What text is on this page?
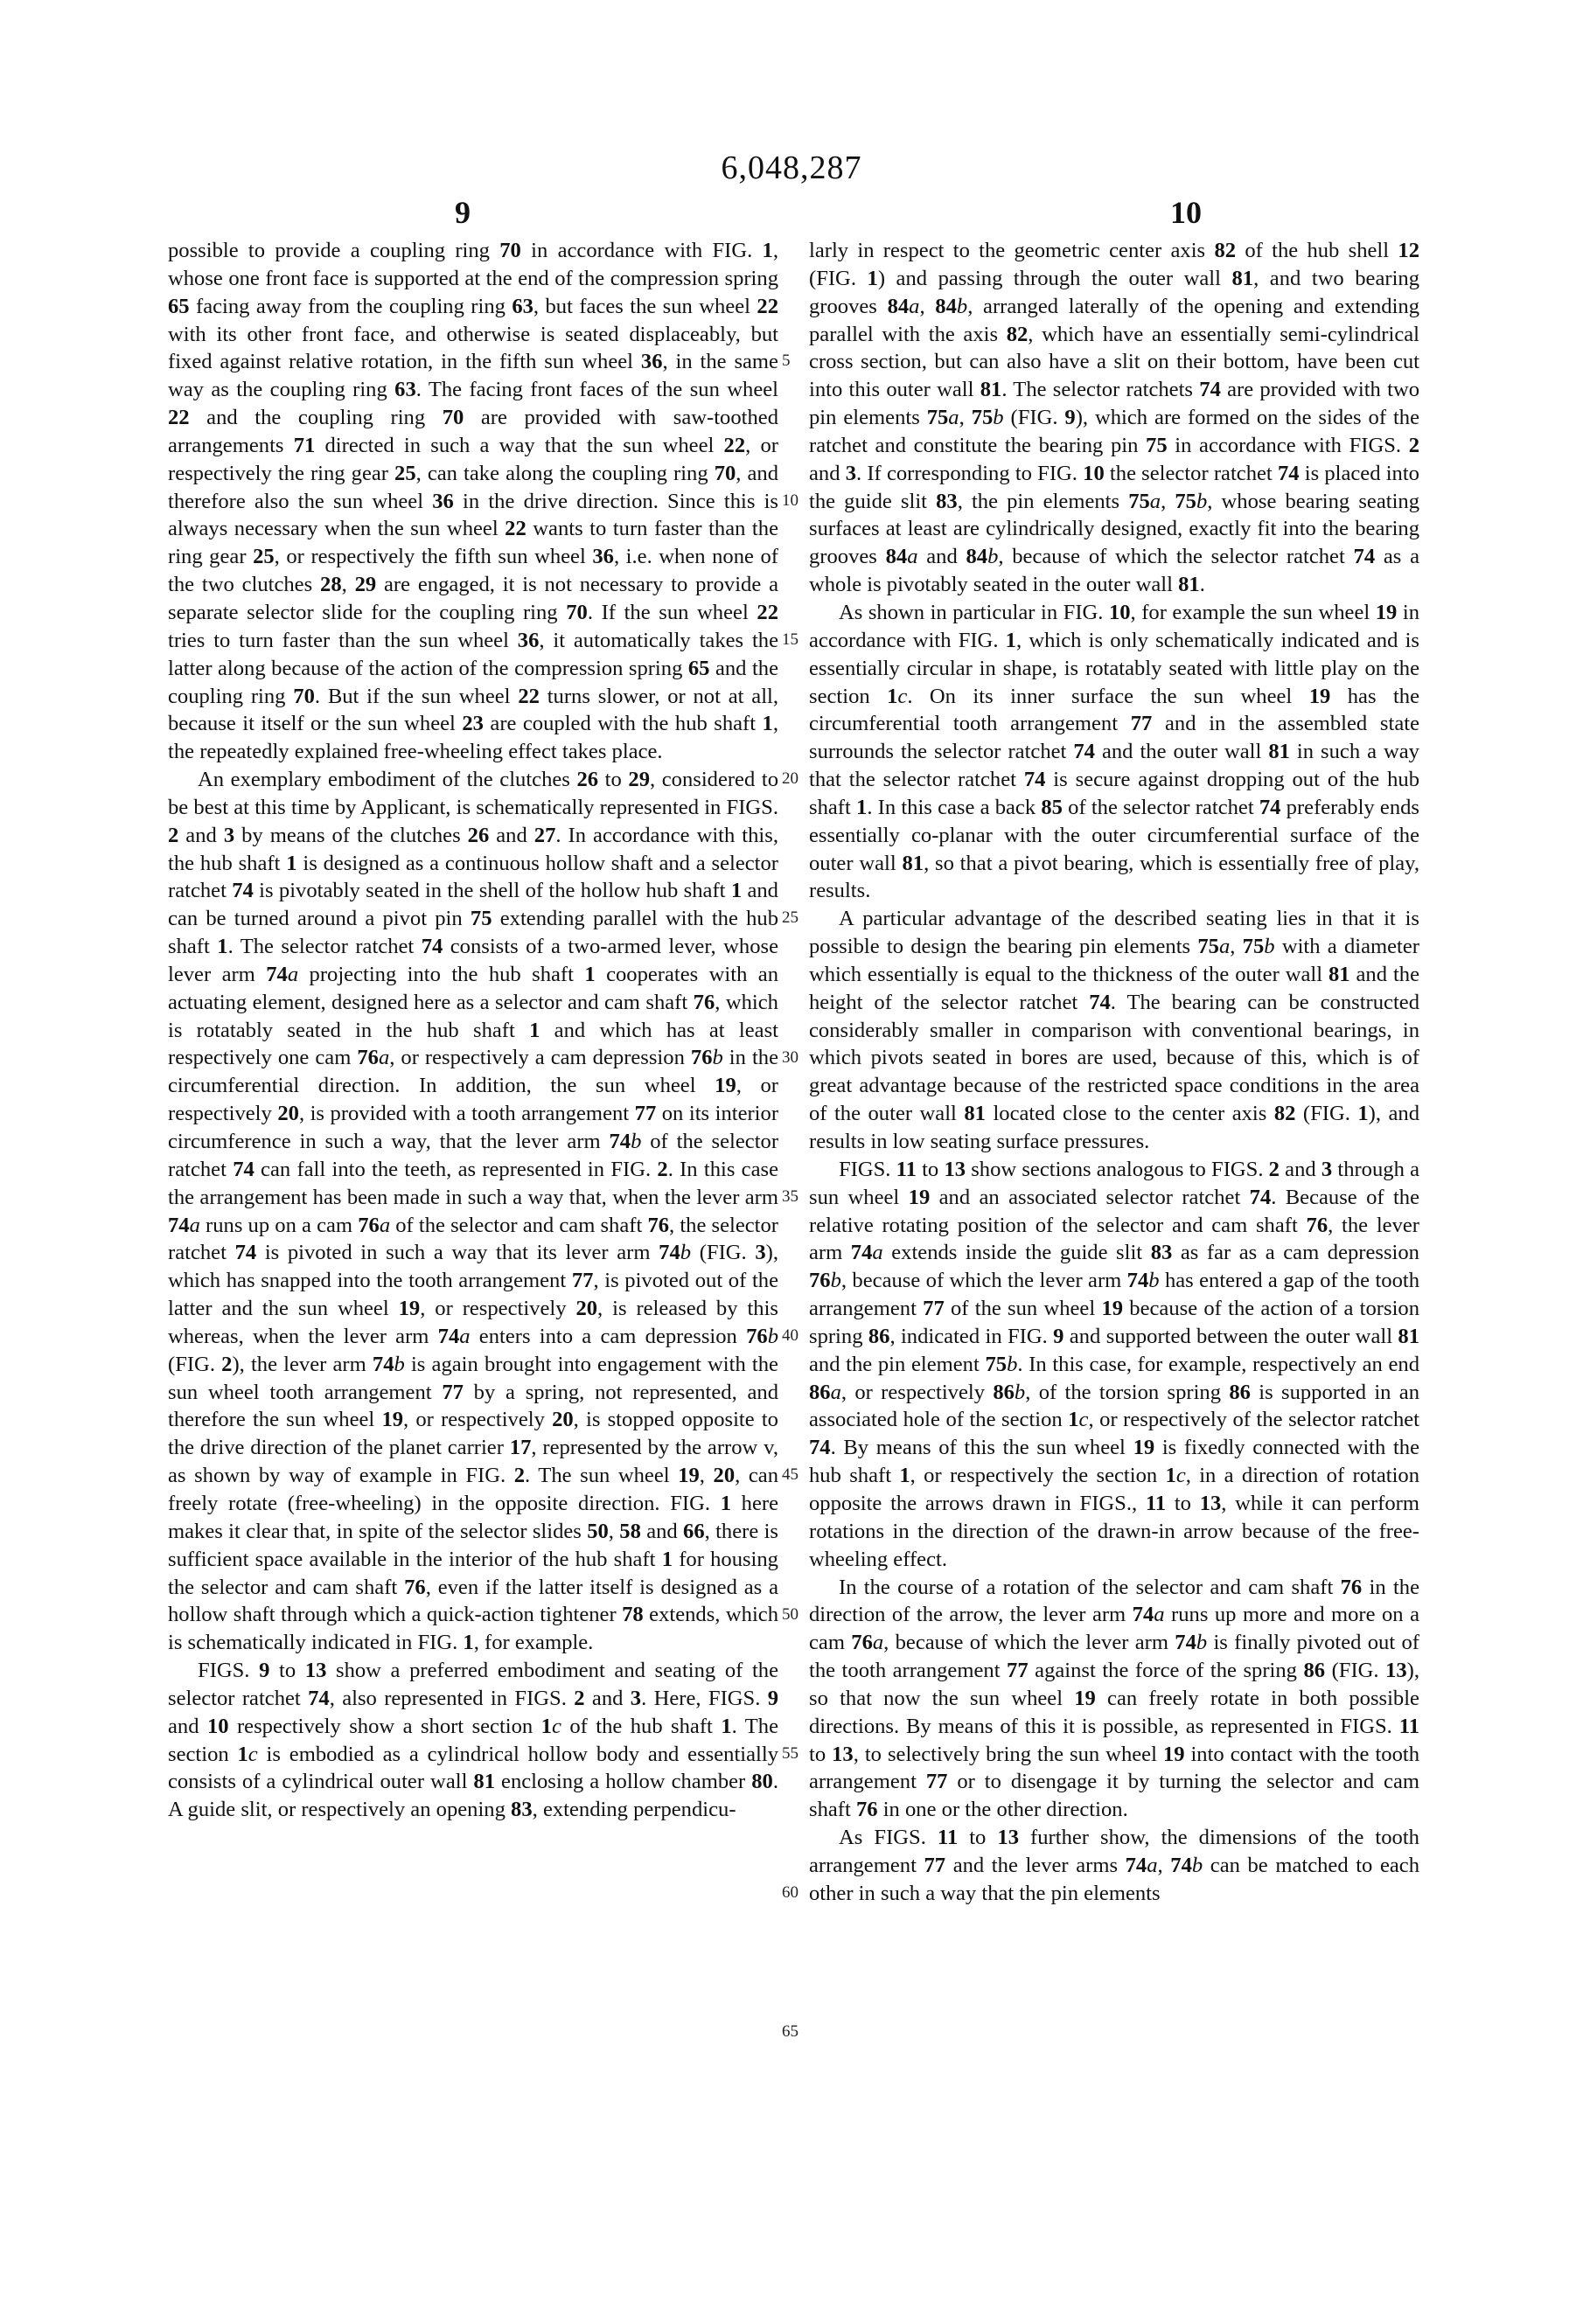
6,048,287
9	10

possible to provide a coupling ring 70 in accordance with FIG. 1, whose one front face is supported at the end of the compression spring 65 facing away from the coupling ring 63, but faces the sun wheel 22 with its other front face, and otherwise is seated displaceably, but fixed against relative rotation, in the fifth sun wheel 36, in the same way as the coupling ring 63. The facing front faces of the sun wheel 22 and the coupling ring 70 are provided with saw-toothed arrangements 71 directed in such a way that the sun wheel 22, or respectively the ring gear 25, can take along the coupling ring 70, and therefore also the sun wheel 36 in the drive direction. Since this is always necessary when the sun wheel 22 wants to turn faster than the ring gear 25, or respectively the fifth sun wheel 36, i.e. when none of the two clutches 28, 29 are engaged, it is not necessary to provide a separate selector slide for the coupling ring 70. If the sun wheel 22 tries to turn faster than the sun wheel 36, it automatically takes the latter along because of the action of the compression spring 65 and the coupling ring 70. But if the sun wheel 22 turns slower, or not at all, because it itself or the sun wheel 23 are coupled with the hub shaft 1, the repeatedly explained free-wheeling effect takes place.

An exemplary embodiment of the clutches 26 to 29, considered to be best at this time by Applicant, is schematically represented in FIGS. 2 and 3 by means of the clutches 26 and 27. In accordance with this, the hub shaft 1 is designed as a continuous hollow shaft and a selector ratchet 74 is pivotably seated in the shell of the hollow hub shaft 1 and can be turned around a pivot pin 75 extending parallel with the hub shaft 1. The selector ratchet 74 consists of a two-armed lever, whose lever arm 74a projecting into the hub shaft 1 cooperates with an actuating element, designed here as a selector and cam shaft 76, which is rotatably seated in the hub shaft 1 and which has at least respectively one cam 76a, or respectively a cam depression 76b in the circumferential direction. In addition, the sun wheel 19, or respectively 20, is provided with a tooth arrangement 77 on its interior circumference in such a way, that the lever arm 74b of the selector ratchet 74 can fall into the teeth, as represented in FIG. 2. In this case the arrangement has been made in such a way that, when the lever arm 74a runs up on a cam 76a of the selector and cam shaft 76, the selector ratchet 74 is pivoted in such a way that its lever arm 74b (FIG. 3), which has snapped into the tooth arrangement 77, is pivoted out of the latter and the sun wheel 19, or respectively 20, is released by this whereas, when the lever arm 74a enters into a cam depression 76b (FIG. 2), the lever arm 74b is again brought into engagement with the sun wheel tooth arrangement 77 by a spring, not represented, and therefore the sun wheel 19, or respectively 20, is stopped opposite to the drive direction of the planet carrier 17, represented by the arrow v, as shown by way of example in FIG. 2. The sun wheel 19, 20, can freely rotate (free-wheeling) in the opposite direction. FIG. 1 here makes it clear that, in spite of the selector slides 50, 58 and 66, there is sufficient space available in the interior of the hub shaft 1 for housing the selector and cam shaft 76, even if the latter itself is designed as a hollow shaft through which a quick-action tightener 78 extends, which is schematically indicated in FIG. 1, for example.

FIGS. 9 to 13 show a preferred embodiment and seating of the selector ratchet 74, also represented in FIGS. 2 and 3. Here, FIGS. 9 and 10 respectively show a short section 1c of the hub shaft 1. The section 1c is embodied as a cylindrical hollow body and essentially consists of a cylindrical outer wall 81 enclosing a hollow chamber 80. A guide slit, or respectively an opening 83, extending perpendicu-

5
10
15
20
25
30
35
40
45
50
55
60
65

larly in respect to the geometric center axis 82 of the hub shell 12 (FIG. 1) and passing through the outer wall 81, and two bearing grooves 84a, 84b, arranged laterally of the opening and extending parallel with the axis 82, which have an essentially semi-cylindrical cross section, but can also have a slit on their bottom, have been cut into this outer wall 81. The selector ratchets 74 are provided with two pin elements 75a, 75b (FIG. 9), which are formed on the sides of the ratchet and constitute the bearing pin 75 in accordance with FIGS. 2 and 3. If corresponding to FIG. 10 the selector ratchet 74 is placed into the guide slit 83, the pin elements 75a, 75b, whose bearing seating surfaces at least are cylindrically designed, exactly fit into the bearing grooves 84a and 84b, because of which the selector ratchet 74 as a whole is pivotably seated in the outer wall 81.

As shown in particular in FIG. 10, for example the sun wheel 19 in accordance with FIG. 1, which is only schematically indicated and is essentially circular in shape, is rotatably seated with little play on the section 1c. On its inner surface the sun wheel 19 has the circumferential tooth arrangement 77 and in the assembled state surrounds the selector ratchet 74 and the outer wall 81 in such a way that the selector ratchet 74 is secure against dropping out of the hub shaft 1. In this case a back 85 of the selector ratchet 74 preferably ends essentially co-planar with the outer circumferential surface of the outer wall 81, so that a pivot bearing, which is essentially free of play, results.

A particular advantage of the described seating lies in that it is possible to design the bearing pin elements 75a, 75b with a diameter which essentially is equal to the thickness of the outer wall 81 and the height of the selector ratchet 74. The bearing can be constructed considerably smaller in comparison with conventional bearings, in which pivots seated in bores are used, because of this, which is of great advantage because of the restricted space conditions in the area of the outer wall 81 located close to the center axis 82 (FIG. 1), and results in low seating surface pressures.

FIGS. 11 to 13 show sections analogous to FIGS. 2 and 3 through a sun wheel 19 and an associated selector ratchet 74. Because of the relative rotating position of the selector and cam shaft 76, the lever arm 74a extends inside the guide slit 83 as far as a cam depression 76b, because of which the lever arm 74b has entered a gap of the tooth arrangement 77 of the sun wheel 19 because of the action of a torsion spring 86, indicated in FIG. 9 and supported between the outer wall 81 and the pin element 75b. In this case, for example, respectively an end 86a, or respectively 86b, of the torsion spring 86 is supported in an associated hole of the section 1c, or respectively of the selector ratchet 74. By means of this the sun wheel 19 is fixedly connected with the hub shaft 1, or respectively the section 1c, in a direction of rotation opposite the arrows drawn in FIGS., 11 to 13, while it can perform rotations in the direction of the drawn-in arrow because of the free-wheeling effect.

In the course of a rotation of the selector and cam shaft 76 in the direction of the arrow, the lever arm 74a runs up more and more on a cam 76a, because of which the lever arm 74b is finally pivoted out of the tooth arrangement 77 against the force of the spring 86 (FIG. 13), so that now the sun wheel 19 can freely rotate in both possible directions. By means of this it is possible, as represented in FIGS. 11 to 13, to selectively bring the sun wheel 19 into contact with the tooth arrangement 77 or to disengage it by turning the selector and cam shaft 76 in one or the other direction.

As FIGS. 11 to 13 further show, the dimensions of the tooth arrangement 77 and the lever arms 74a, 74b can be matched to each other in such a way that the pin elements
